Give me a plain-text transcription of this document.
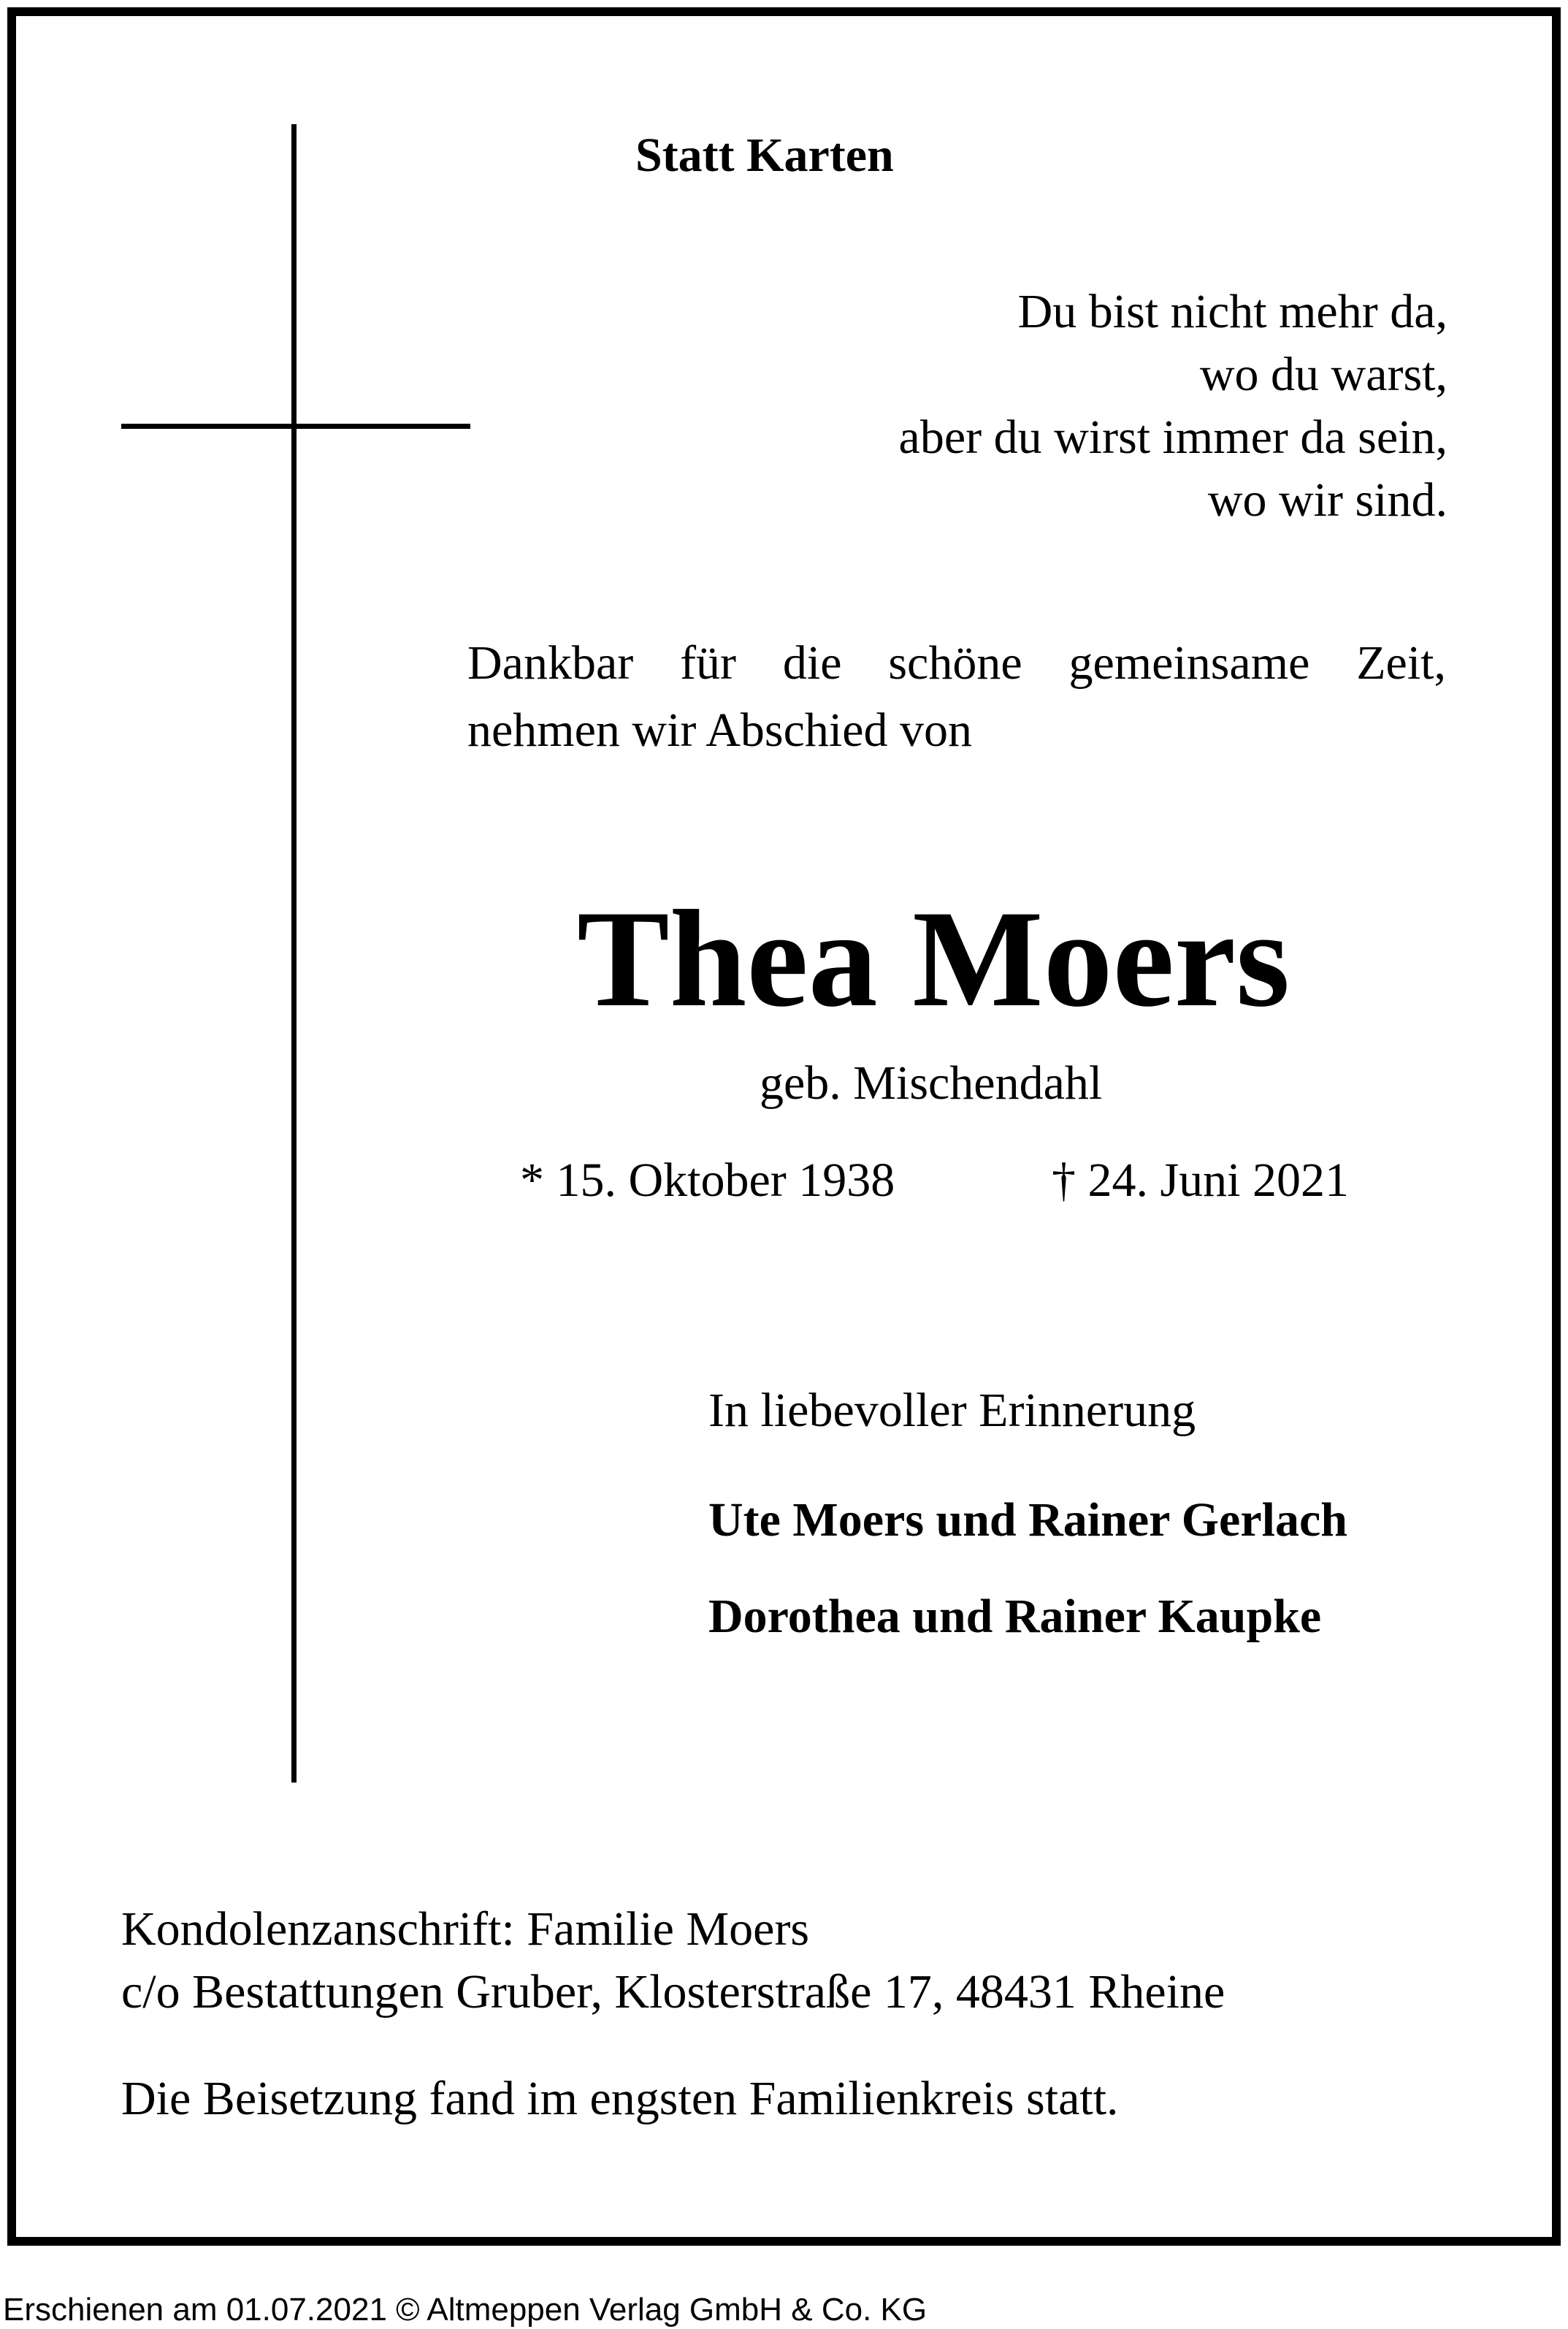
Statt Karten
Du bist nicht mehr da,
wo du warst,
aber du wirst immer da sein,
wo wir sind.
Dankbar für die schöne gemeinsame Zeit,
nehmen wir Abschied von
Thea Moers
geb. Mischendahl
* 15. Oktober 1938	† 24. Juni 2021
In liebevoller Erinnerung
Ute Moers und Rainer Gerlach
Dorothea und Rainer Kaupke
Kondolenzanschrift: Familie Moers
c/o Bestattungen Gruber, Klosterstraße 17, 48431 Rheine
Die Beisetzung fand im engsten Familienkreis statt.
Erschienen am 01.07.2021 © Altmeppen Verlag GmbH & Co. KG
